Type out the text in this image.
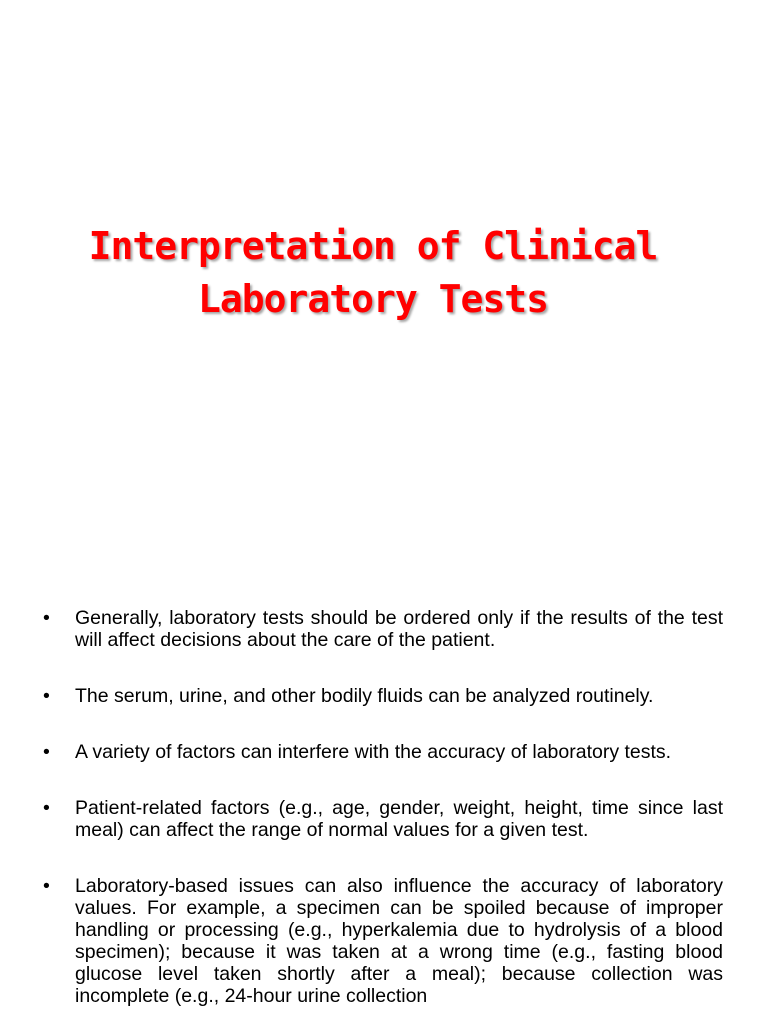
Interpretation of Clinical
Laboratory Tests
•	Generally, laboratory tests should be ordered only if the results of the test will affect decisions about the care of the patient.
•	The serum, urine, and other bodily fluids can be analyzed routinely.
•	A variety of factors can interfere with the accuracy of laboratory tests.
•	Patient-related factors (e.g., age, gender, weight, height, time since last meal) can affect the range of normal values for a given test.
•	Laboratory-based issues can also influence the accuracy of laboratory values. For example, a specimen can be spoiled because of improper handling or processing (e.g., hyperkalemia due to hydrolysis of a blood specimen); because it was taken at a wrong time (e.g., fasting blood glucose level taken shortly after a meal); because collection was incomplete (e.g., 24-hour urine collection
